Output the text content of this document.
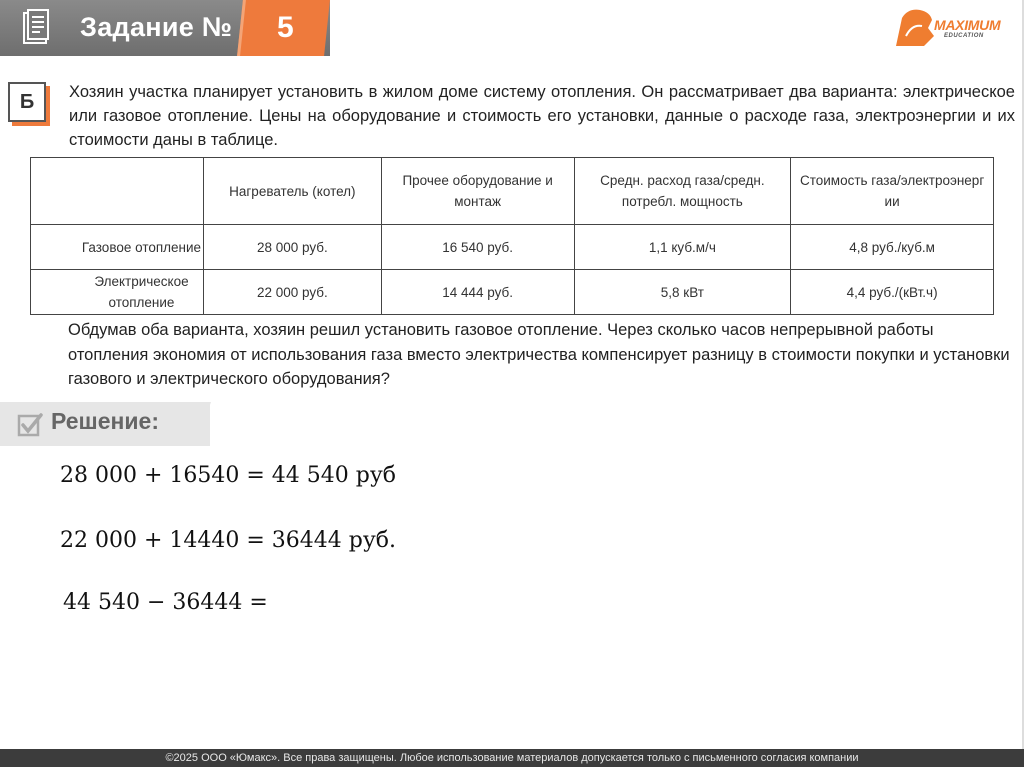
Задание № 5	MAXIMUM
EDUCATION
Б	Хозяин участка планирует установить в жилом доме систему отопления. Он рассматривает два варианта: электрическое или газовое отопление. Цены на оборудование и стоимость его установки, данные о расходе газа, электроэнергии и их стоимости даны в таблице.
	Нагреватель (котел)	Прочее оборудование и монтаж	Средн. расход газа/средн. потребл. мощность	Стоимость газа/электроэнерг ии
Газовое отопление	28 000 руб.	16 540 руб.	1,1 куб.м/ч	4,8 руб./куб.м
Электрическое отопление	22 000 руб.	14 444 руб.	5,8 кВт	4,4 руб./(кВт.ч)
Обдумав оба варианта, хозяин решил установить газовое отопление. Через сколько часов непрерывной работы отопления экономия от использования газа вместо электричества компенсирует разницу в стоимости покупки и установки газового и электрического оборудования?
Решение:
28 000 + 16540 = 44 540 руб
22 000 + 14440 = 36444 руб.
44 540 − 36444 =
©2025 ООО «Юмакс». Все права защищены. Любое использование материалов допускается только с письменного согласия компании
